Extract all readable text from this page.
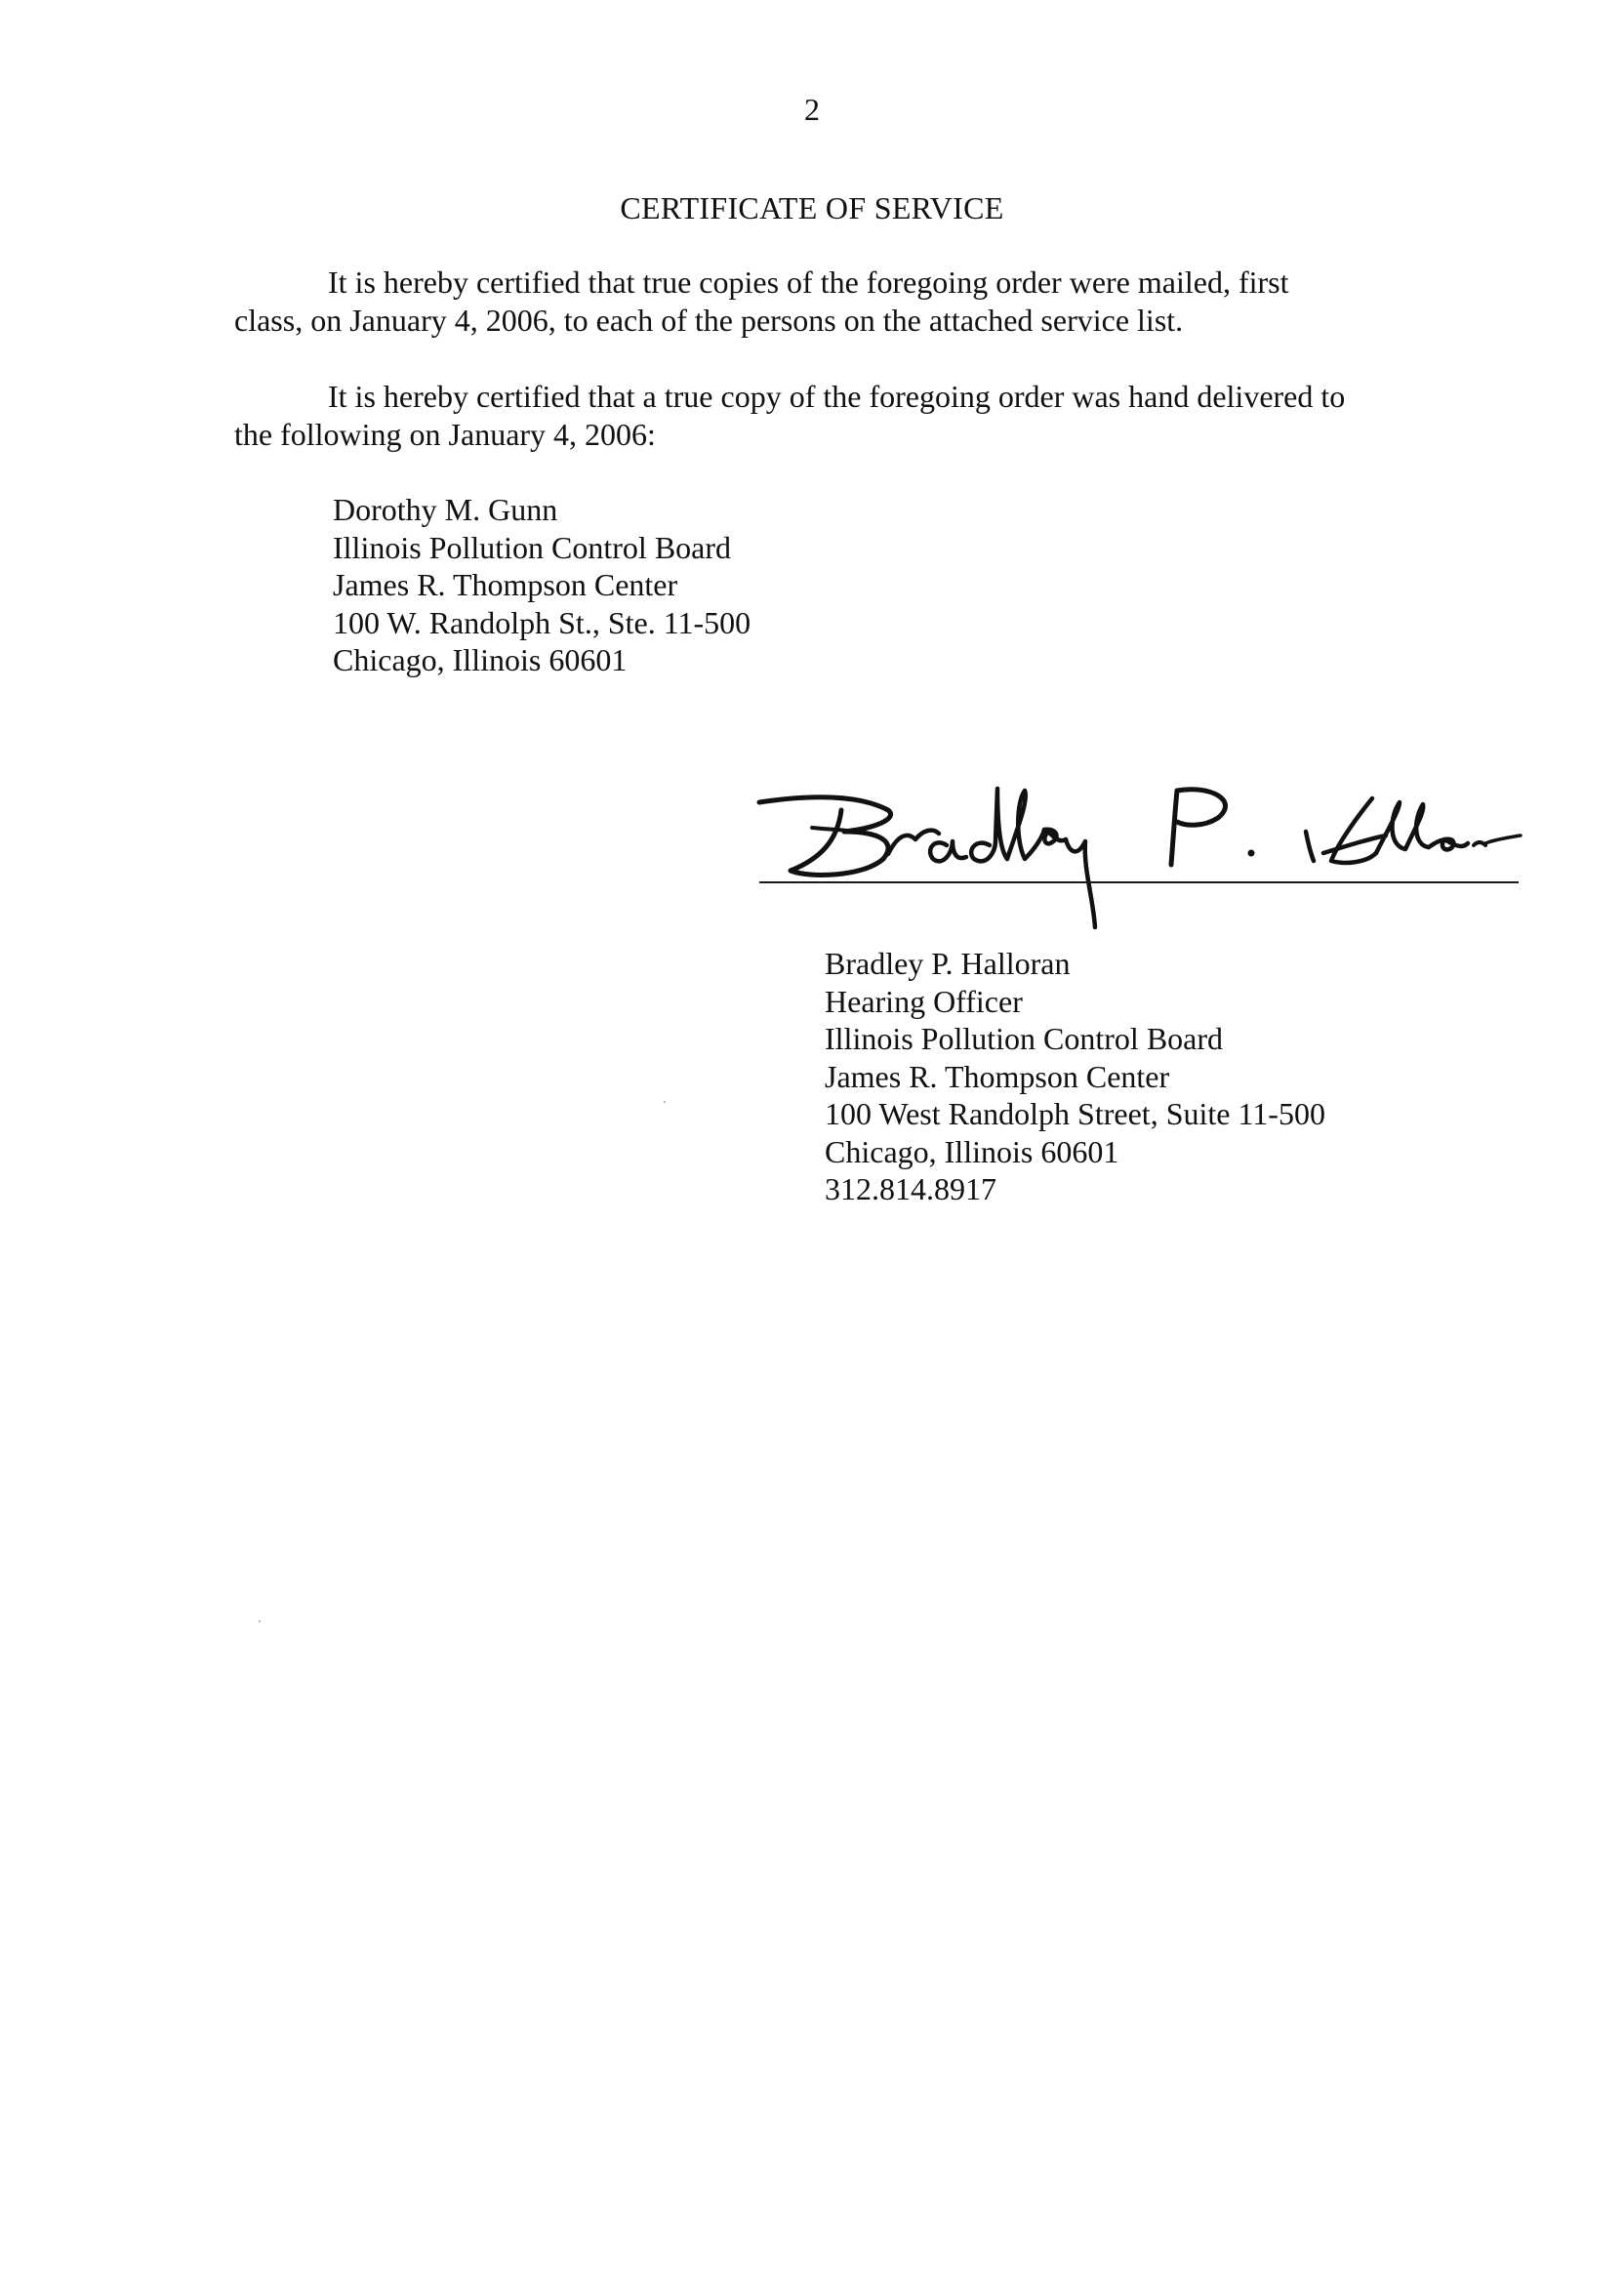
2
CERTIFICATE OF SERVICE
It is hereby certified that true copies of the foregoing order were mailed, first
class, on January 4, 2006, to each of the persons on the attached service list.
It is hereby certified that a true copy of the foregoing order was hand delivered to
the following on January 4, 2006:
Dorothy M. Gunn
Illinois Pollution Control Board
James R. Thompson Center
100 W. Randolph St., Ste. 11-500
Chicago, Illinois 60601
Bradley P. Halloran
Hearing Officer
Illinois Pollution Control Board
James R. Thompson Center
100 West Randolph Street, Suite 11-500
Chicago, Illinois 60601
312.814.8917
